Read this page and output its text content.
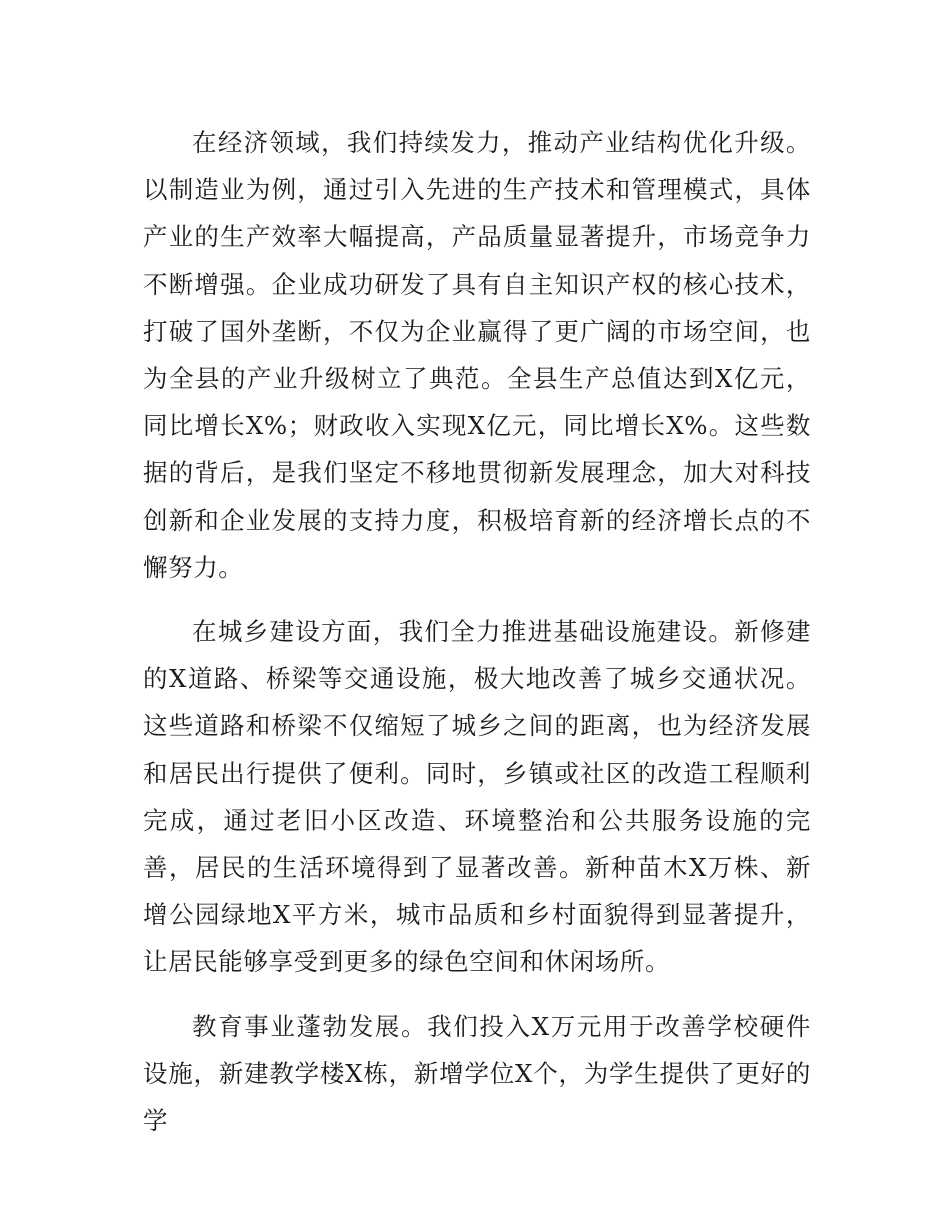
在经济领域，我们持续发力，推动产业结构优化升级。以制造业为例，通过引入先进的生产技术和管理模式，具体产业的生产效率大幅提高，产品质量显著提升，市场竞争力不断增强。企业成功研发了具有自主知识产权的核心技术，打破了国外垄断，不仅为企业赢得了更广阔的市场空间，也为全县的产业升级树立了典范。全县生产总值达到X亿元，同比增长X%；财政收入实现X亿元，同比增长X%。这些数据的背后，是我们坚定不移地贯彻新发展理念，加大对科技创新和企业发展的支持力度，积极培育新的经济增长点的不懈努力。

在城乡建设方面，我们全力推进基础设施建设。新修建的X道路、桥梁等交通设施，极大地改善了城乡交通状况。这些道路和桥梁不仅缩短了城乡之间的距离，也为经济发展和居民出行提供了便利。同时，乡镇或社区的改造工程顺利完成，通过老旧小区改造、环境整治和公共服务设施的完善，居民的生活环境得到了显著改善。新种苗木X万株、新增公园绿地X平方米，城市品质和乡村面貌得到显著提升，让居民能够享受到更多的绿色空间和休闲场所。

教育事业蓬勃发展。我们投入X万元用于改善学校硬件设施，新建教学楼X栋，新增学位X个，为学生提供了更好的学
